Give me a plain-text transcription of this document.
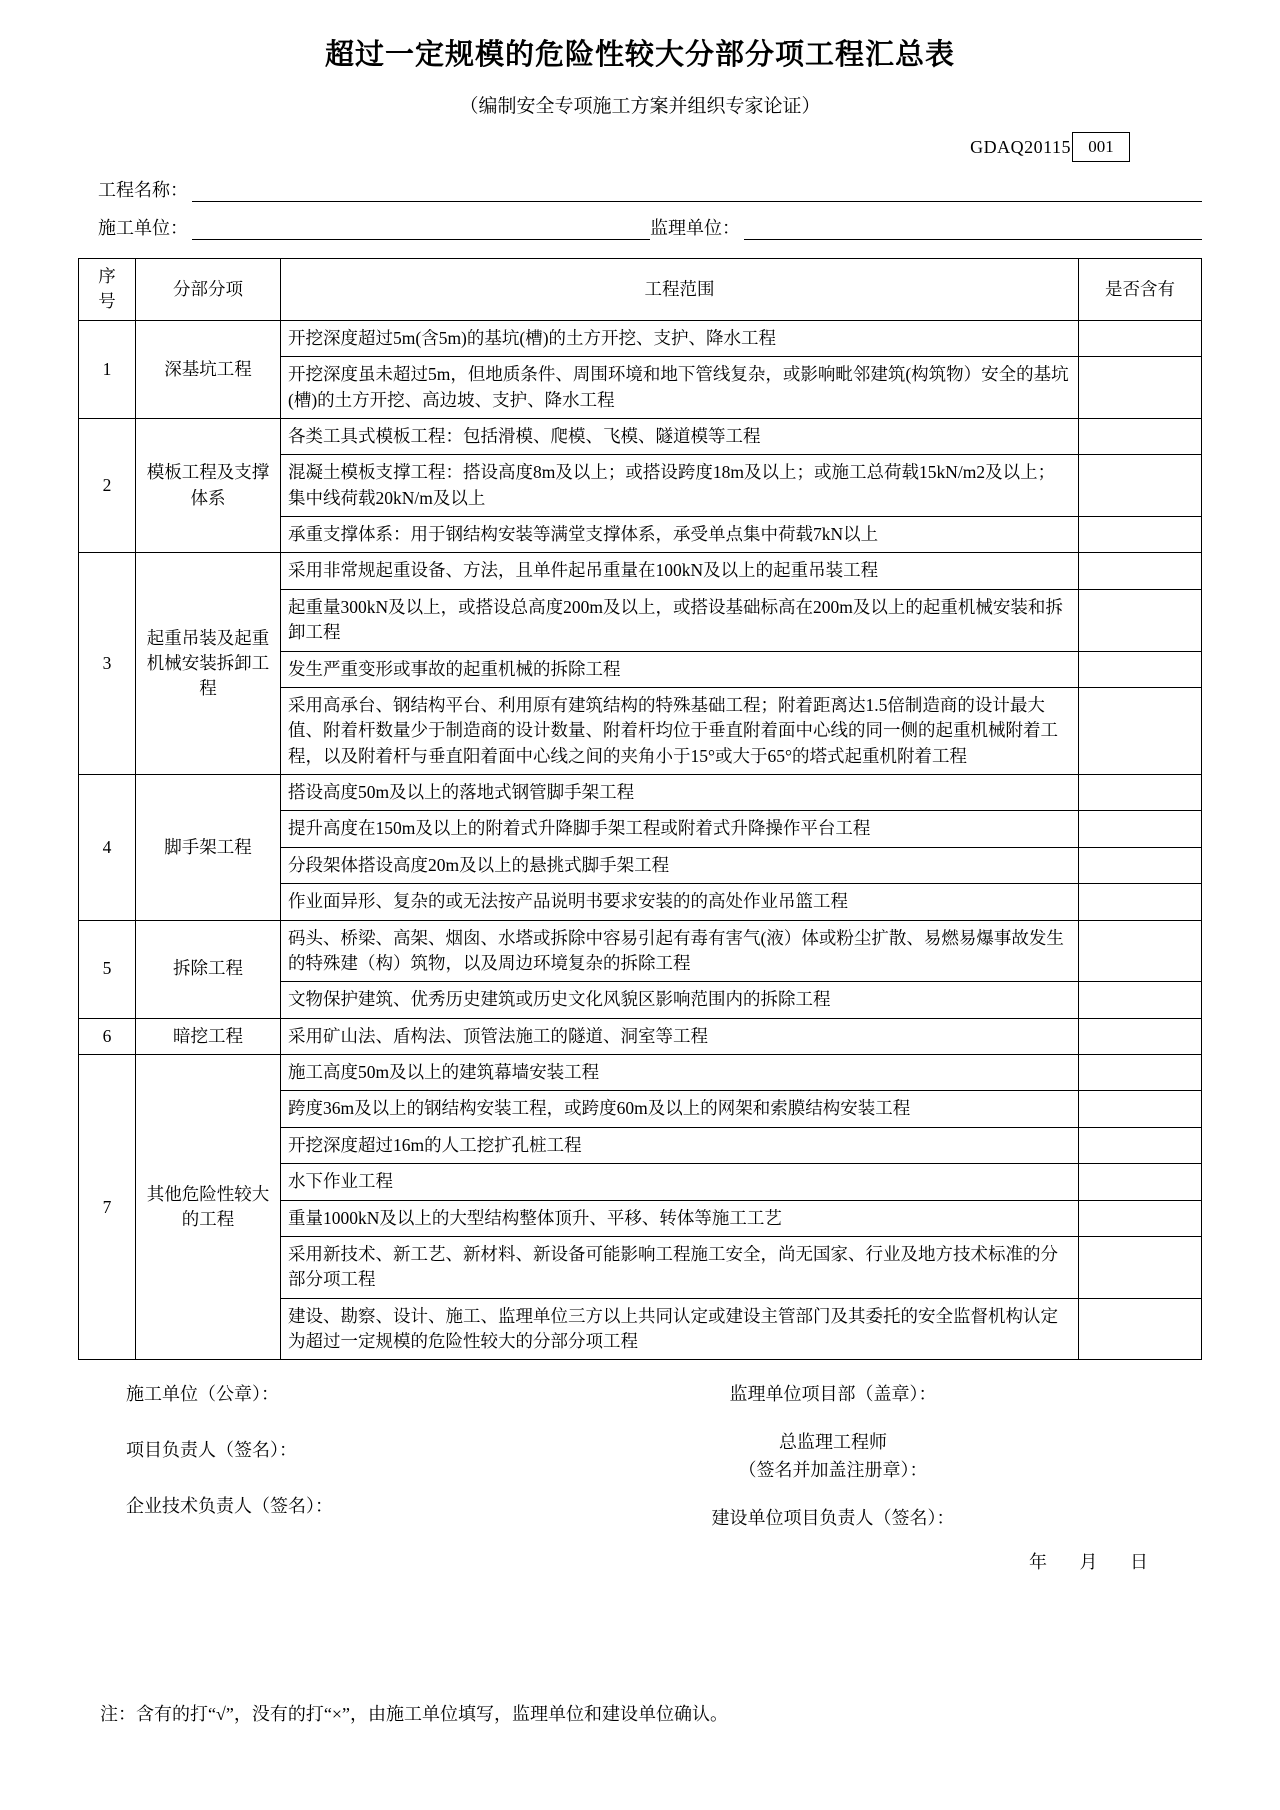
超过一定规模的危险性较大分部分项工程汇总表
（编制安全专项施工方案并组织专家论证）
GDAQ20115	001
工程名称：
施工单位：	监理单位：
序
号	分部分项	工程范围	是否含有
1	深基坑工程	开挖深度超过5m(含5m)的基坑(槽)的土方开挖、支护、降水工程	
		开挖深度虽未超过5m，但地质条件、周围环境和地下管线复杂，或影响毗邻建筑(构筑物）安全的基坑(槽)的土方开挖、高边坡、支护、降水工程	
2	模板工程及支撑体系	各类工具式模板工程：包括滑模、爬模、飞模、隧道模等工程	
		混凝土模板支撑工程：搭设高度8m及以上；或搭设跨度18m及以上；或施工总荷载15kN/m2及以上；集中线荷载20kN/m及以上	
		承重支撑体系：用于钢结构安装等满堂支撑体系，承受单点集中荷载7kN以上	
3	起重吊装及起重机械安装拆卸工程	采用非常规起重设备、方法，且单件起吊重量在100kN及以上的起重吊装工程	
		起重量300kN及以上，或搭设总高度200m及以上，或搭设基础标高在200m及以上的起重机械安装和拆卸工程	
		发生严重变形或事故的起重机械的拆除工程	
		采用高承台、钢结构平台、利用原有建筑结构的特殊基础工程；附着距离达1.5倍制造商的设计最大值、附着杆数量少于制造商的设计数量、附着杆均位于垂直附着面中心线的同一侧的起重机械附着工程，以及附着杆与垂直阳着面中心线之间的夹角小于15°或大于65°的塔式起重机附着工程	
4	脚手架工程	搭设高度50m及以上的落地式钢管脚手架工程	
		提升高度在150m及以上的附着式升降脚手架工程或附着式升降操作平台工程	
		分段架体搭设高度20m及以上的悬挑式脚手架工程	
		作业面异形、复杂的或无法按产品说明书要求安装的的高处作业吊篮工程	
5	拆除工程	码头、桥梁、高架、烟囱、水塔或拆除中容易引起有毒有害气(液）体或粉尘扩散、易燃易爆事故发生的特殊建（构）筑物，以及周边环境复杂的拆除工程	
		文物保护建筑、优秀历史建筑或历史文化风貌区影响范围内的拆除工程	
6	暗挖工程	采用矿山法、盾构法、顶管法施工的隧道、洞室等工程	
7	其他危险性较大的工程	施工高度50m及以上的建筑幕墙安装工程	
		跨度36m及以上的钢结构安装工程，或跨度60m及以上的网架和索膜结构安装工程	
		开挖深度超过16m的人工挖扩孔桩工程	
		水下作业工程	
		重量1000kN及以上的大型结构整体顶升、平移、转体等施工工艺	
		采用新技术、新工艺、新材料、新设备可能影响工程施工安全，尚无国家、行业及地方技术标准的分部分项工程	
		建设、勘察、设计、施工、监理单位三方以上共同认定或建设主管部门及其委托的安全监督机构认定为超过一定规模的危险性较大的分部分项工程	
施工单位（公章）：
项目负责人（签名）：
企业技术负责人（签名）：
监理单位项目部（盖章）：
总监理工程师
（签名并加盖注册章）：
建设单位项目负责人（签名）：
年 月 日
注：含有的打“√”，没有的打“×”，由施工单位填写，监理单位和建设单位确认。
